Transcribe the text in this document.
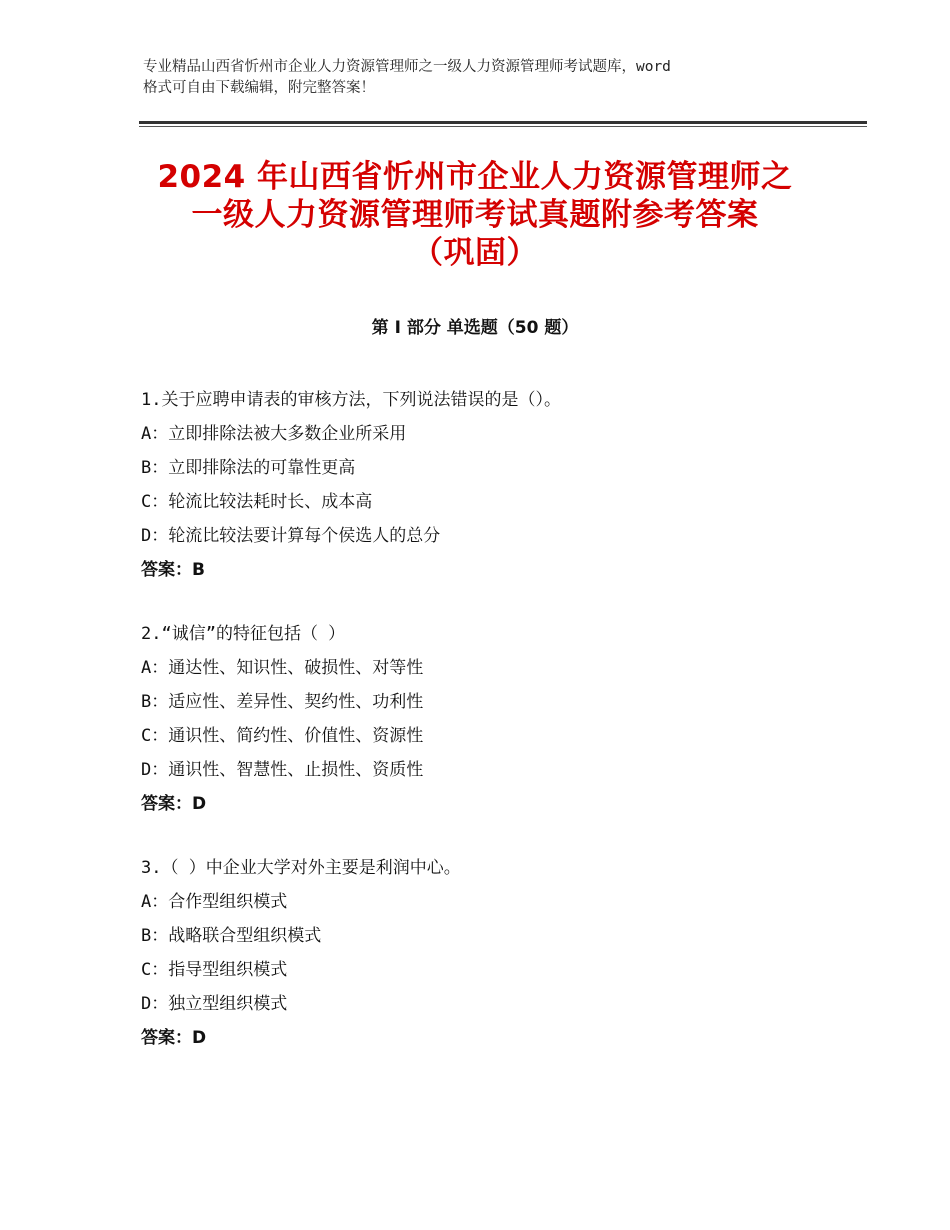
专业精品山西省忻州市企业人力资源管理师之一级人力资源管理师考试题库，word
格式可自由下载编辑，附完整答案！
2024 年山西省忻州市企业人力资源管理师之
一级人力资源管理师考试真题附参考答案
（巩固）
第 I 部分 单选题（50 题）
1.关于应聘申请表的审核方法，下列说法错误的是（）。
A：立即排除法被大多数企业所采用
B：立即排除法的可靠性更高
C：轮流比较法耗时长、成本高
D：轮流比较法要计算每个侯选人的总分
答案：B
2.“诚信”的特征包括（ ）
A：通达性、知识性、破损性、对等性
B：适应性、差异性、契约性、功利性
C：通识性、简约性、价值性、资源性
D：通识性、智慧性、止损性、资质性
答案：D
3.（ ）中企业大学对外主要是利润中心。
A：合作型组织模式
B：战略联合型组织模式
C：指导型组织模式
D：独立型组织模式
答案：D
